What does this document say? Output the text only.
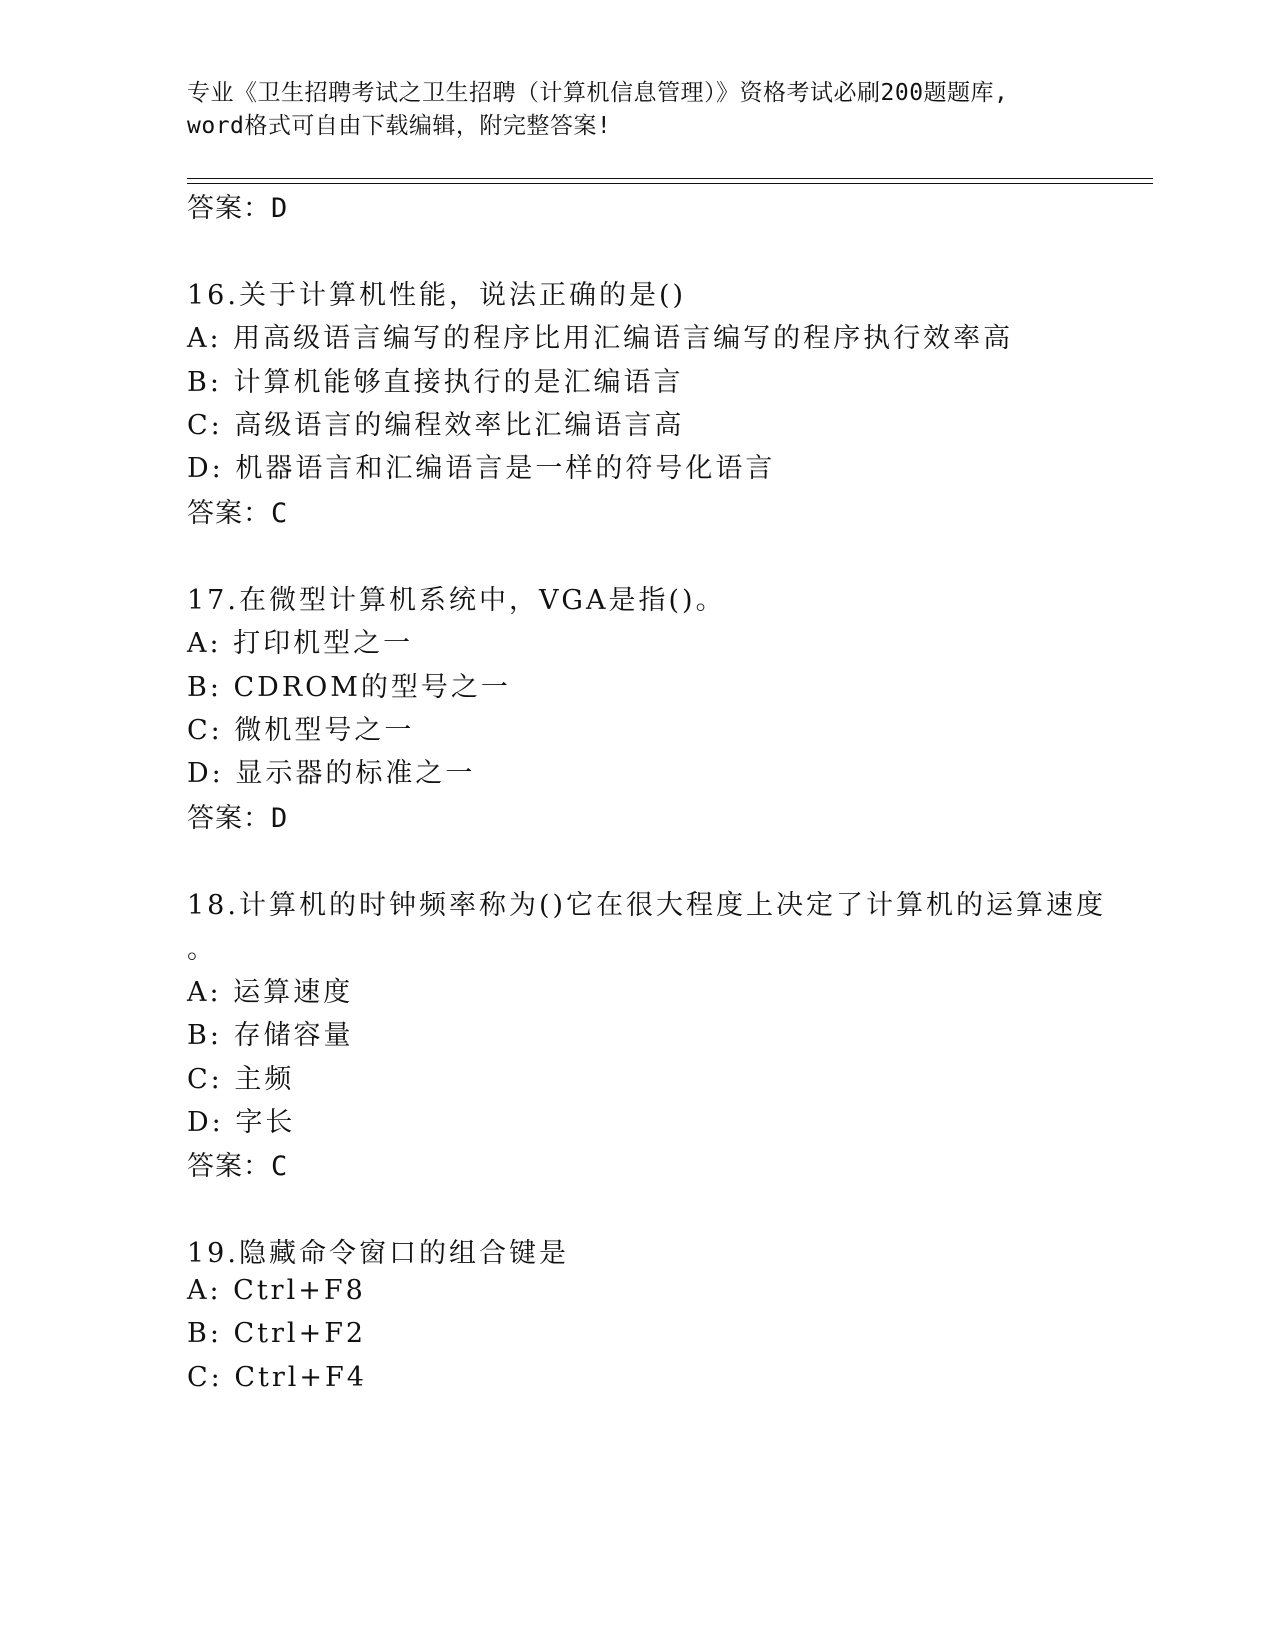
专业《卫生招聘考试之卫生招聘（计算机信息管理）》资格考试必刷200题题库,
word格式可自由下载编辑，附完整答案!
答案：D
16.关于计算机性能，说法正确的是()
A: 用高级语言编写的程序比用汇编语言编写的程序执行效率高
B: 计算机能够直接执行的是汇编语言
C: 高级语言的编程效率比汇编语言高
D: 机器语言和汇编语言是一样的符号化语言
答案：C
17.在微型计算机系统中，VGA是指()。
A: 打印机型之一
B: CDROM的型号之一
C: 微机型号之一
D: 显示器的标准之一
答案：D
18.计算机的时钟频率称为()它在很大程度上决定了计算机的运算速度
。
A: 运算速度
B: 存储容量
C: 主频
D: 字长
答案：C
19.隐藏命令窗口的组合键是
A: Ctrl+F8
B: Ctrl+F2
C: Ctrl+F4
